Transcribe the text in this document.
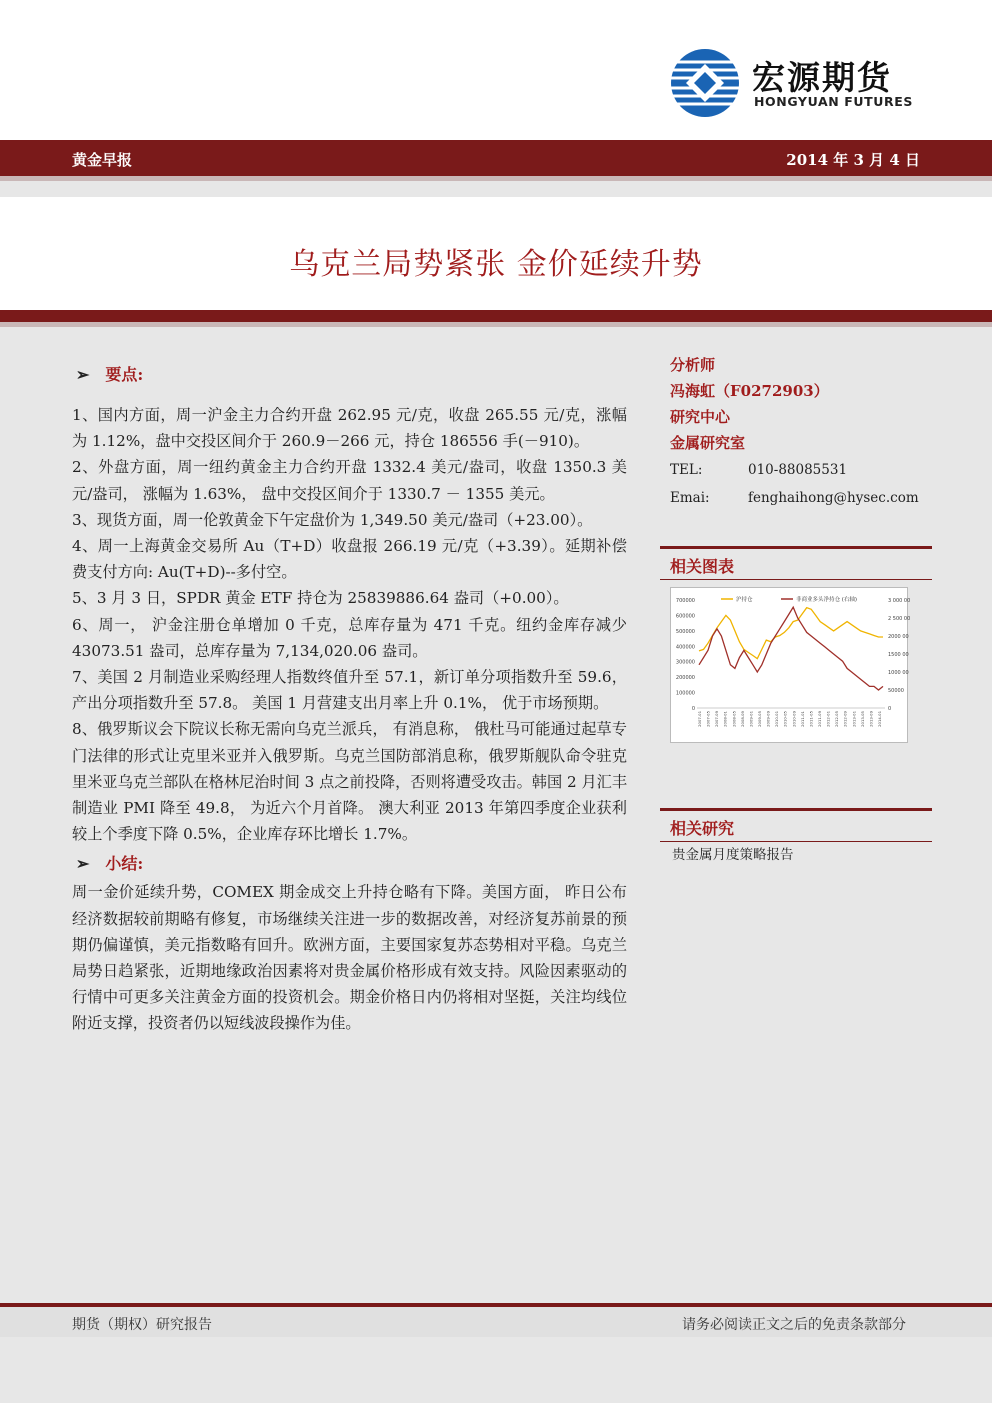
宏源期货
HONGYUAN FUTURES
黄金早报	2014 年 3 月 4 日
乌克兰局势紧张 金价延续升势
➢ 要点:

1、国内方面，周一沪金主力合约开盘 262.95 元/克，收盘 265.55 元/克，涨幅为 1.12%，盘中交投区间介于 260.9－266 元，持仓 186556 手(－910)。

2、外盘方面，周一纽约黄金主力合约开盘 1332.4 美元/盎司，收盘 1350.3 美元/盎司， 涨幅为 1.63%， 盘中交投区间介于 1330.7 － 1355 美元。

3、现货方面，周一伦敦黄金下午定盘价为 1,349.50 美元/盎司（+23.00）。

4、周一上海黄金交易所 Au（T+D）收盘报 266.19 元/克（+3.39）。延期补偿费支付方向: Au(T+D)--多付空。

5、3 月 3 日，SPDR 黄金 ETF 持仓为 25839886.64 盎司（+0.00）。

6、周一， 沪金注册仓单增加 0 千克，总库存量为 471 千克。纽约金库存减少 43073.51 盎司，总库存量为 7,134,020.06 盎司。

7、美国 2 月制造业采购经理人指数终值升至 57.1，新订单分项指数升至 59.6， 产出分项指数升至 57.8。 美国 1 月营建支出月率上升 0.1%， 优于市场预期。

8、俄罗斯议会下院议长称无需向乌克兰派兵， 有消息称， 俄杜马可能通过起草专门法律的形式让克里米亚并入俄罗斯。乌克兰国防部消息称，俄罗斯舰队命令驻克里米亚乌克兰部队在格林尼治时间 3 点之前投降，否则将遭受攻击。韩国 2 月汇丰制造业 PMI 降至 49.8， 为近六个月首降。 澳大利亚 2013 年第四季度企业获利较上个季度下降 0.5%，企业库存环比增长 1.7%。

➢ 小结:

周一金价延续升势，COMEX 期金成交上升持仓略有下降。美国方面， 昨日公布经济数据较前期略有修复，市场继续关注进一步的数据改善，对经济复苏前景的预期仍偏谨慎，美元指数略有回升。欧洲方面，主要国家复苏态势相对平稳。乌克兰局势日趋紧张，近期地缘政治因素将对贵金属价格形成有效支持。风险因素驱动的行情中可更多关注黄金方面的投资机会。期金价格日内仍将相对坚挺，关注均线位附近支撑，投资者仍以短线波段操作为佳。

分析师
冯海虹（F0272903）
研究中心
金属研究室
TEL:	010-88085531
Emai:	fenghaihong@hysec.com
相关图表
700000
600000
500000
400000
300000
200000
100000
0
3 000 00
2 500 00
2000 00
1500 00
1000 00
50000
0
2007-01 2007-05 2007-09 2008-01 2008-05 2008-09 2009-01 2009-05 2009-09 2010-01 2010-05 2010-09 2011-01 2011-05 2011-09 2012-01 2012-05 2012-09 2013-01 2013-05 2013-09 2014-01
沪持仓	非商业多头净持仓 (右轴)
相关研究
贵金属月度策略报告
期货（期权）研究报告	请务必阅读正文之后的免责条款部分
